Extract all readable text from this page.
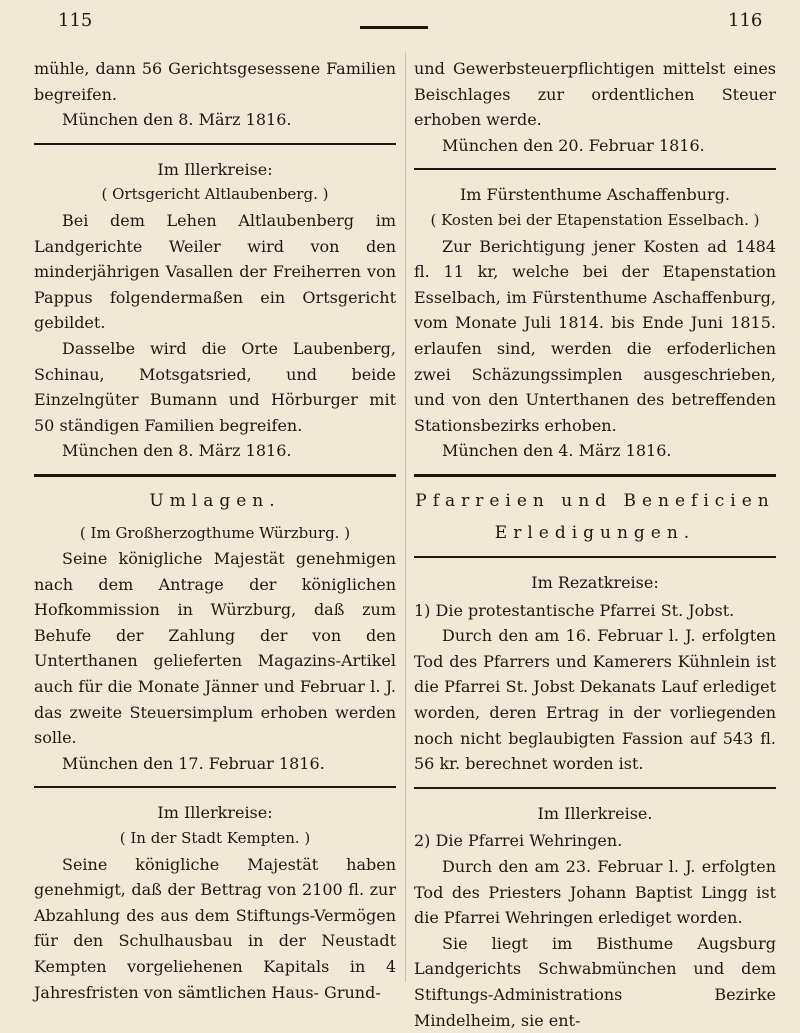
115	116

mühle, dann 56 Gerichtsgesessene Familien begreifen.

München den 8. März 1816.

Im Illerkreise:
( Ortsgericht Altlaubenberg. )

Bei dem Lehen Altlaubenberg im Landgerichte Weiler wird von den minderjährigen Vasallen der Freiherren von Pappus folgendermaßen ein Ortsgericht gebildet.

Dasselbe wird die Orte Laubenberg, Schinau, Motsgatsried, und beide Einzelngüter Bumann und Hörburger mit 50 ständigen Familien begreifen.

München den 8. März 1816.

Umlagen.
( Im Großherzogthume Würzburg. )

Seine königliche Majestät genehmigen nach dem Antrage der königlichen Hofkommission in Würzburg, daß zum Behufe der Zahlung der von den Unterthanen gelieferten Magazins-Artikel auch für die Monate Jänner und Februar l. J. das zweite Steuersimplum erhoben werden solle.

München den 17. Februar 1816.

Im Illerkreise:
( In der Stadt Kempten. )

Seine königliche Majestät haben genehmigt, daß der Bettrag von 2100 fl. zur Abzahlung des aus dem Stiftungs-Vermögen für den Schulhausbau in der Neustadt Kempten vorgeliehenen Kapitals in 4 Jahresfristen von sämtlichen Haus- Grund-

und Gewerbsteuerpflichtigen mittelst eines Beischlages zur ordentlichen Steuer erhoben werde.

München den 20. Februar 1816.

Im Fürstenthume Aschaffenburg.
( Kosten bei der Etapenstation Esselbach. )

Zur Berichtigung jener Kosten ad 1484 fl. 11 kr, welche bei der Etapenstation Esselbach, im Fürstenthume Aschaffenburg, vom Monate Juli 1814. bis Ende Juni 1815. erlaufen sind, werden die erfoderlichen zwei Schäzungssimplen ausgeschrieben, und von den Unterthanen des betreffenden Stationsbezirks erhoben.

München den 4. März 1816.

Pfarreien und Beneficien
Erledigungen.
Im Rezatkreise:

1) Die protestantische Pfarrei St. Jobst.

Durch den am 16. Februar l. J. erfolgten Tod des Pfarrers und Kamerers Kühnlein ist die Pfarrei St. Jobst Dekanats Lauf erlediget worden, deren Ertrag in der vorliegenden noch nicht beglaubigten Fassion auf 543 fl. 56 kr. berechnet worden ist.

Im Illerkreise.

2) Die Pfarrei Wehringen.

Durch den am 23. Februar l. J. erfolgten Tod des Priesters Johann Baptist Lingg ist die Pfarrei Wehringen erlediget worden.

Sie liegt im Bisthume Augsburg Landgerichts Schwabmünchen und dem Stiftungs-Administrations Bezirke Mindelheim, sie ent-
